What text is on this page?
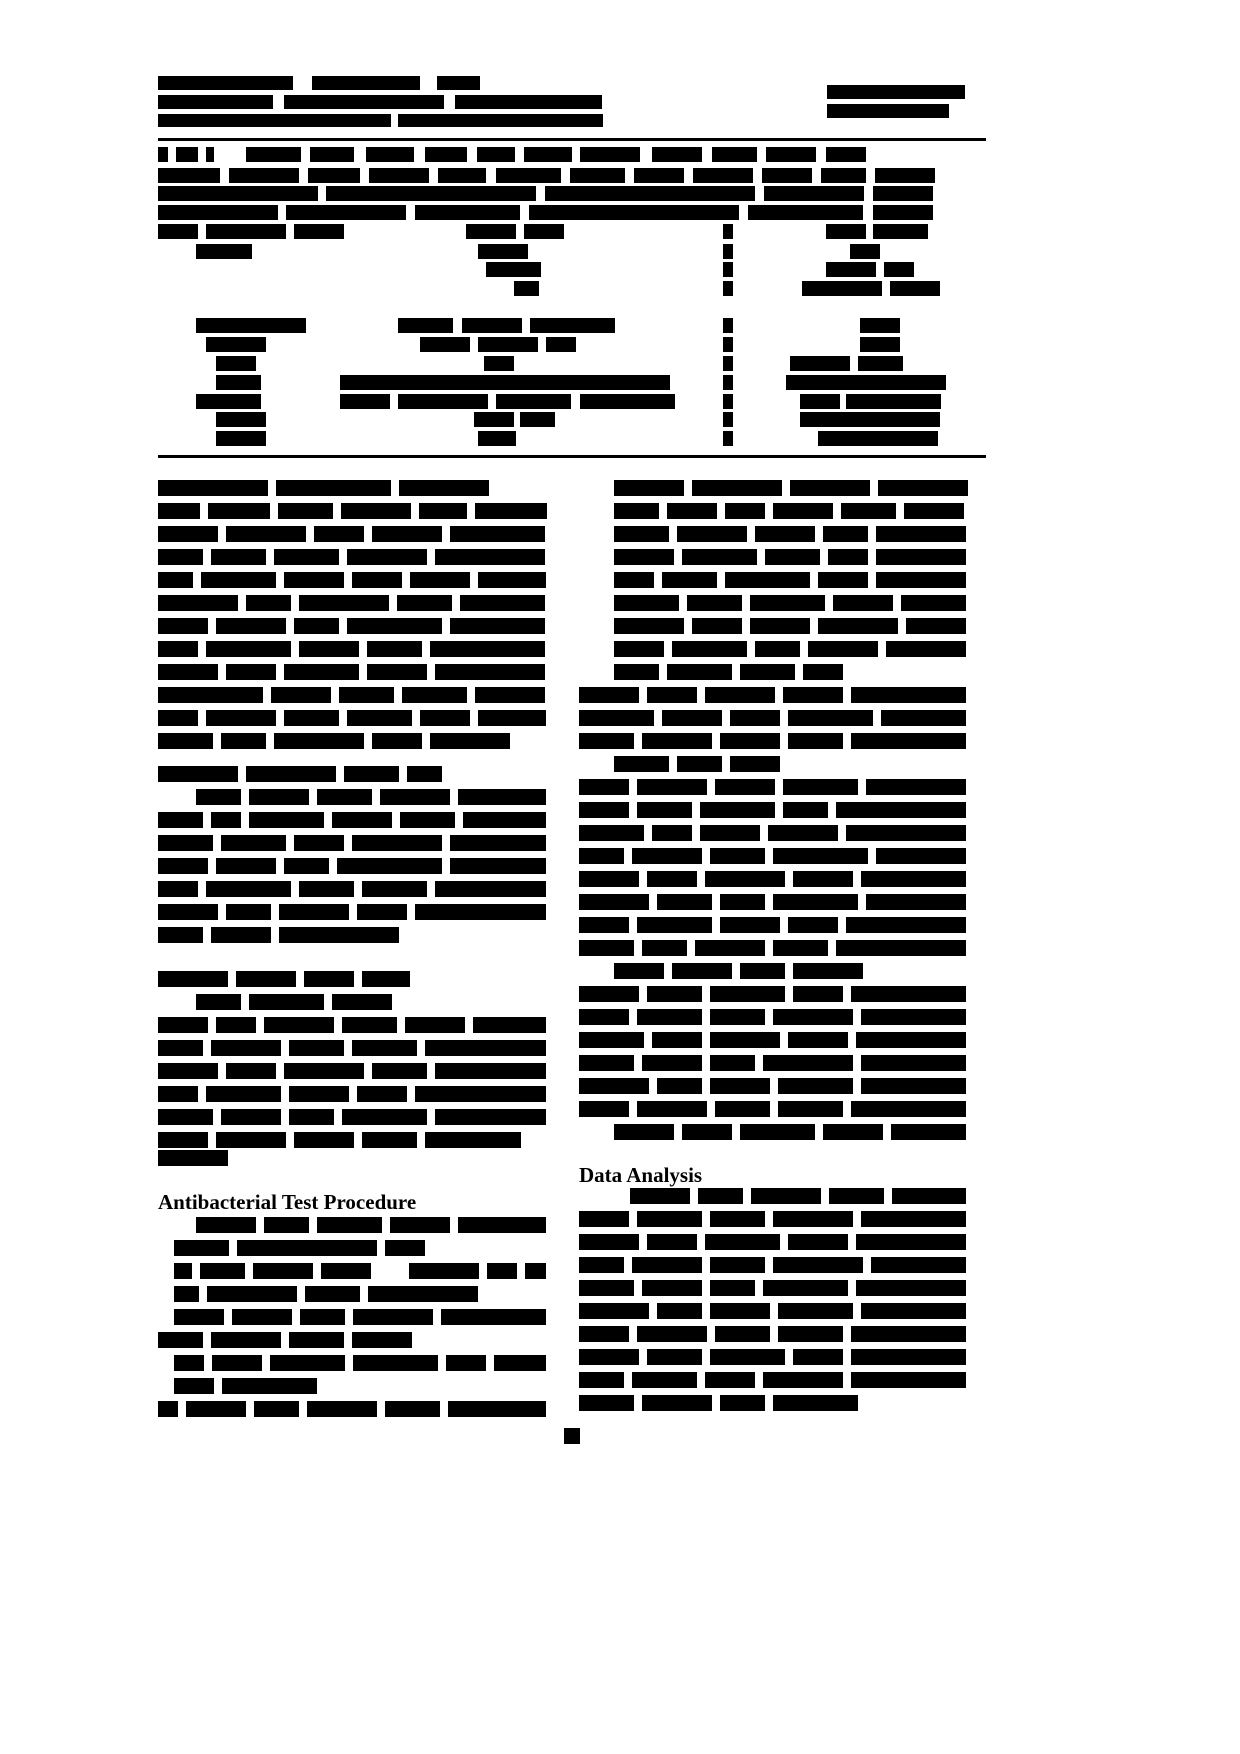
Antibacterial Test Procedure
Data Analysis
